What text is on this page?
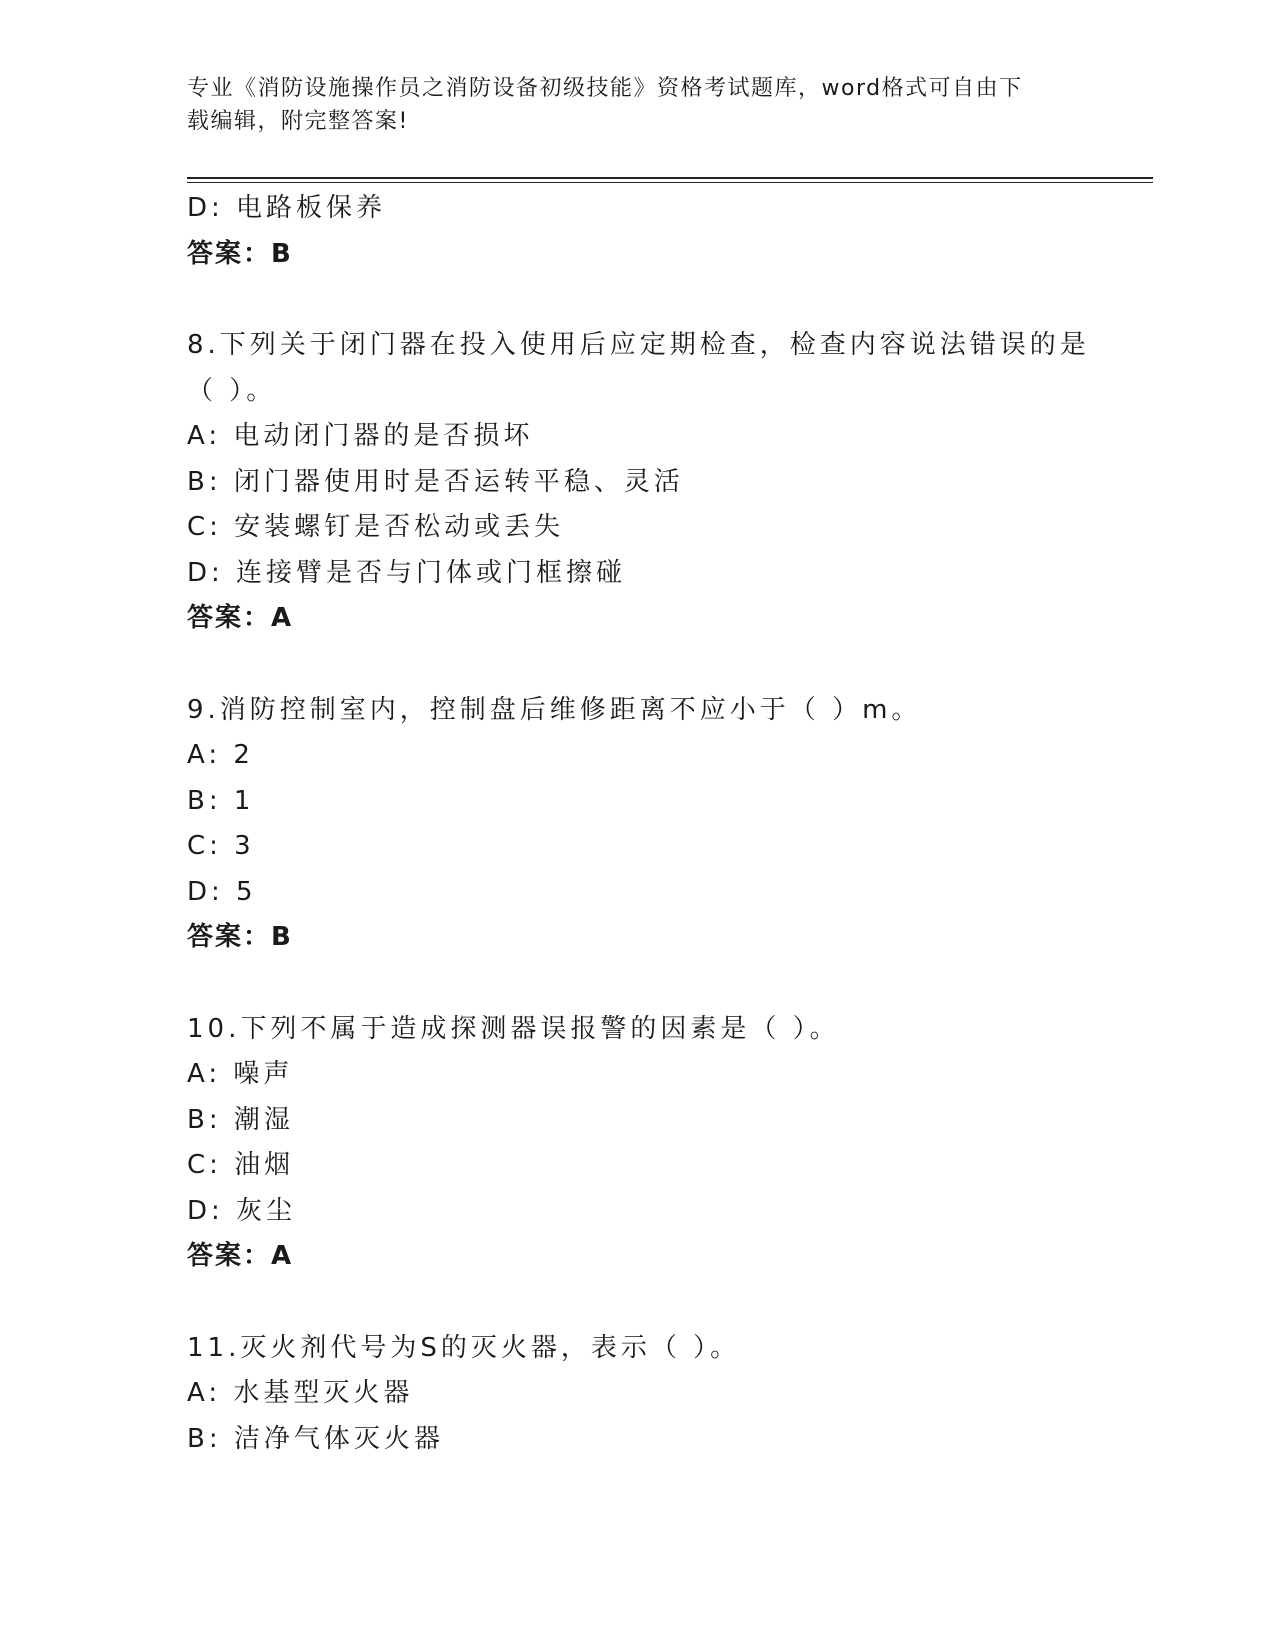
专业《消防设施操作员之消防设备初级技能》资格考试题库，word格式可自由下
载编辑，附完整答案!
D: 电路板保养
答案：B
8.下列关于闭门器在投入使用后应定期检查，检查内容说法错误的是
（ ）。
A: 电动闭门器的是否损坏
B: 闭门器使用时是否运转平稳、灵活
C: 安装螺钉是否松动或丢失
D: 连接臂是否与门体或门框擦碰
答案：A
9.消防控制室内，控制盘后维修距离不应小于（ ）m。
A: 2
B: 1
C: 3
D: 5
答案：B
10.下列不属于造成探测器误报警的因素是（ ）。
A: 噪声
B: 潮湿
C: 油烟
D: 灰尘
答案：A
11.灭火剂代号为S的灭火器，表示（ ）。
A: 水基型灭火器
B: 洁净气体灭火器
